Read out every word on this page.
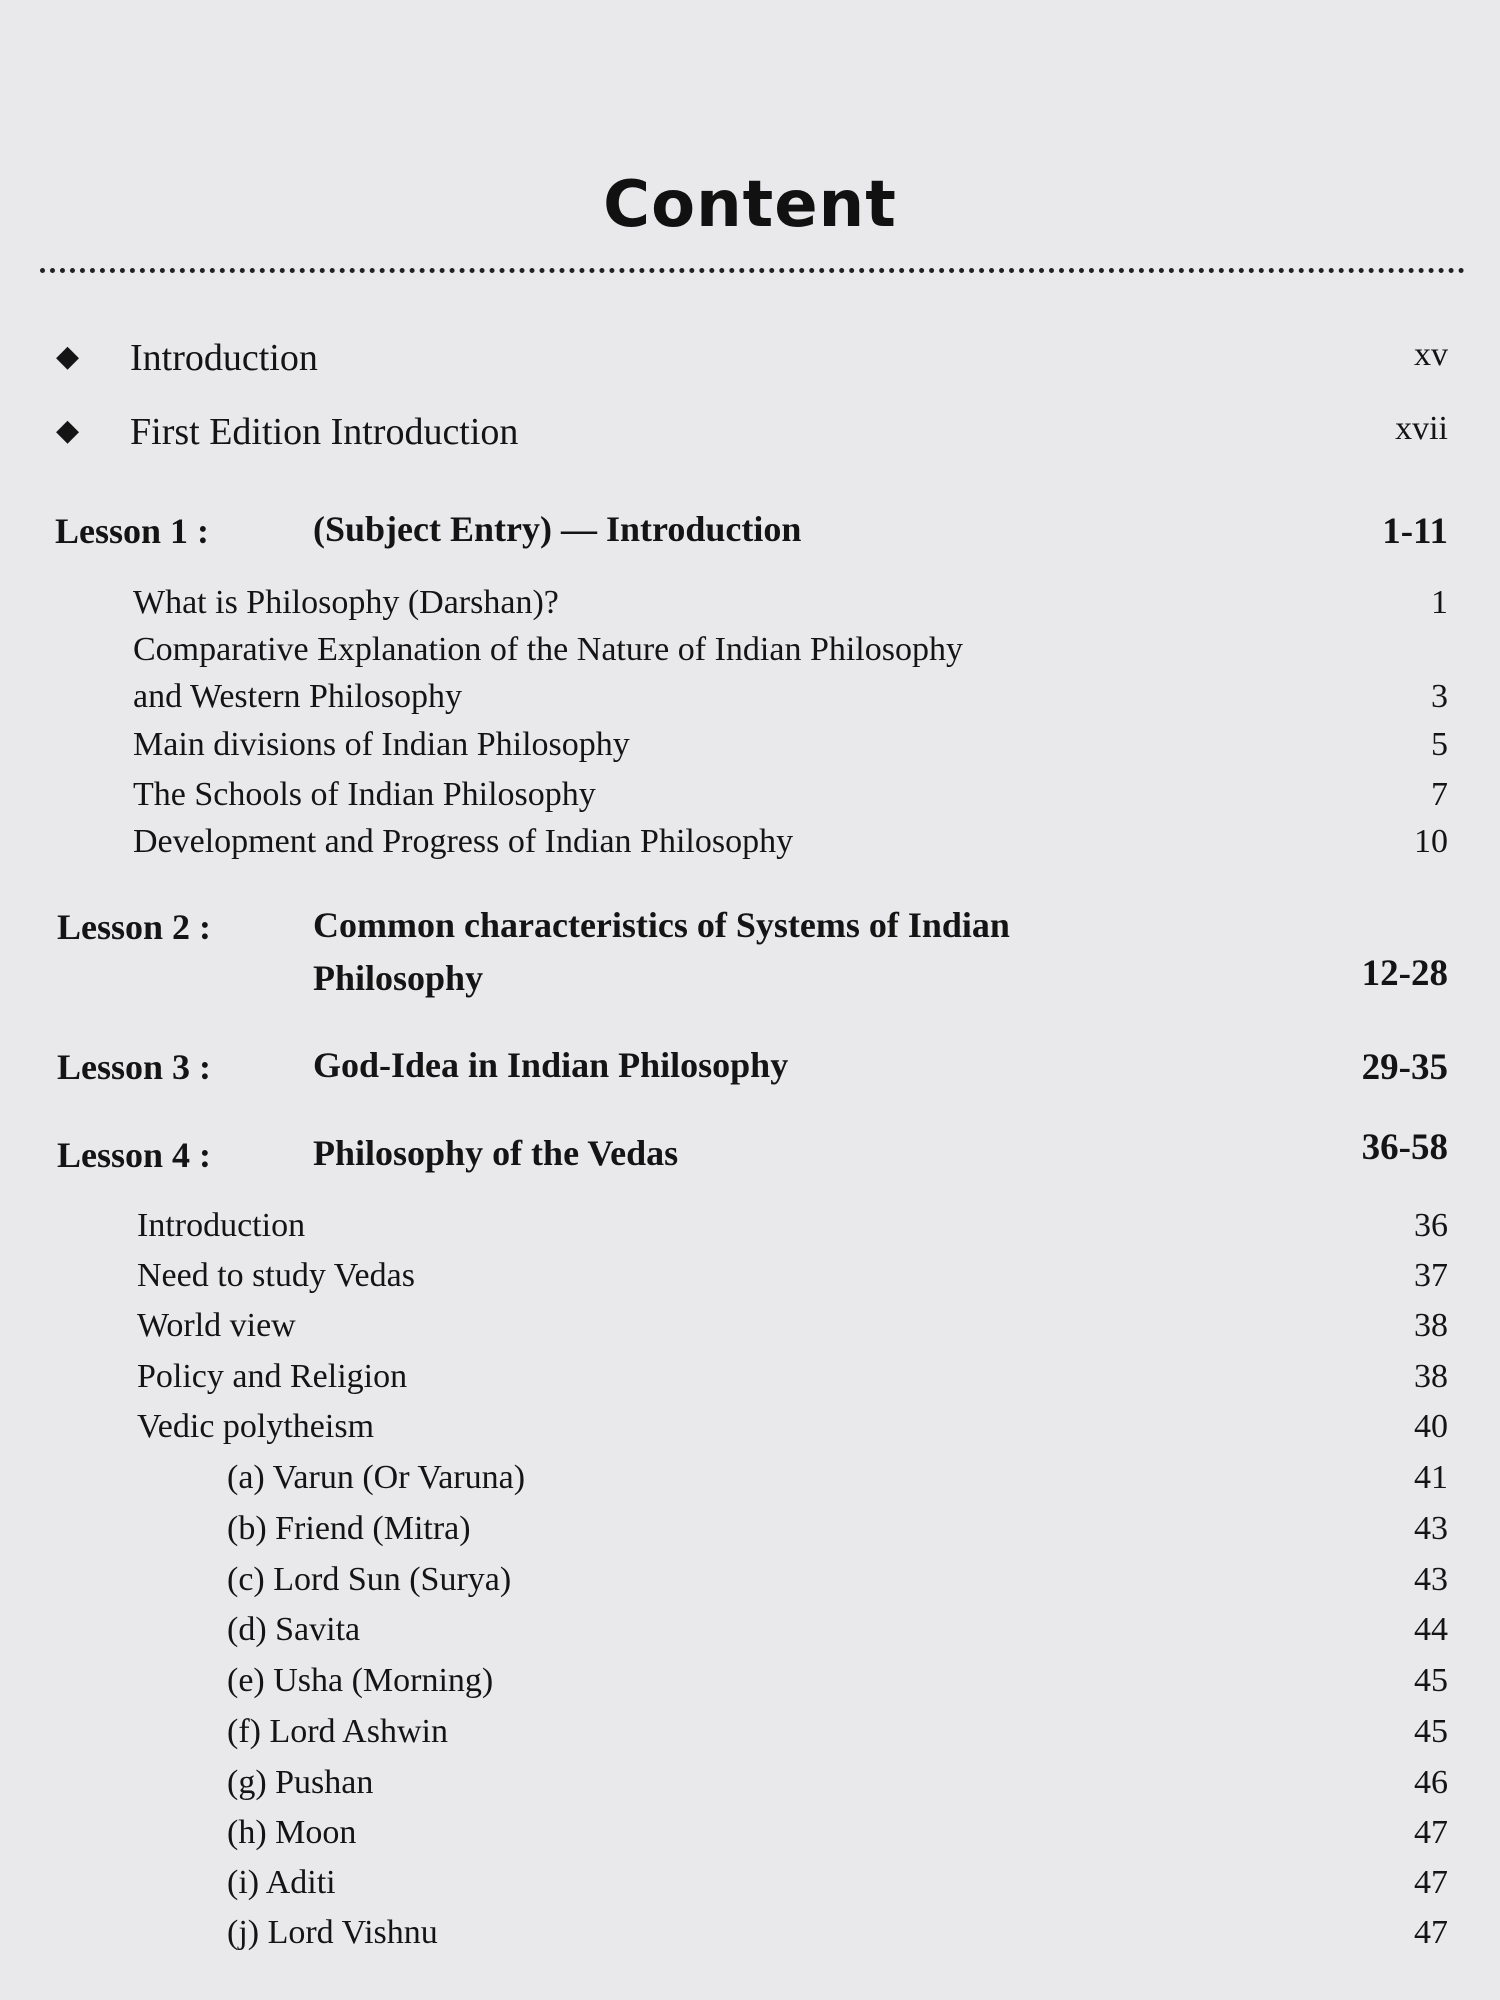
Content
◆ Introduction	xv
◆ First Edition Introduction	xvii
Lesson 1 :	(Subject Entry) — Introduction	1-11
What is Philosophy (Darshan)?	1
Comparative Explanation of the Nature of Indian Philosophy
and Western Philosophy	3
Main divisions of Indian Philosophy	5
The Schools of Indian Philosophy	7
Development and Progress of Indian Philosophy	10
Lesson 2 :	Common characteristics of Systems of Indian
Philosophy	12-28
Lesson 3 :	God-Idea in Indian Philosophy	29-35
Lesson 4 :	Philosophy of the Vedas	36-58
Introduction	36
Need to study Vedas	37
World view	38
Policy and Religion	38
Vedic polytheism	40
(a) Varun (Or Varuna)	41
(b) Friend (Mitra)	43
(c) Lord Sun (Surya)	43
(d) Savita	44
(e) Usha (Morning)	45
(f) Lord Ashwin	45
(g) Pushan	46
(h) Moon	47
(i) Aditi	47
(j) Lord Vishnu	47
